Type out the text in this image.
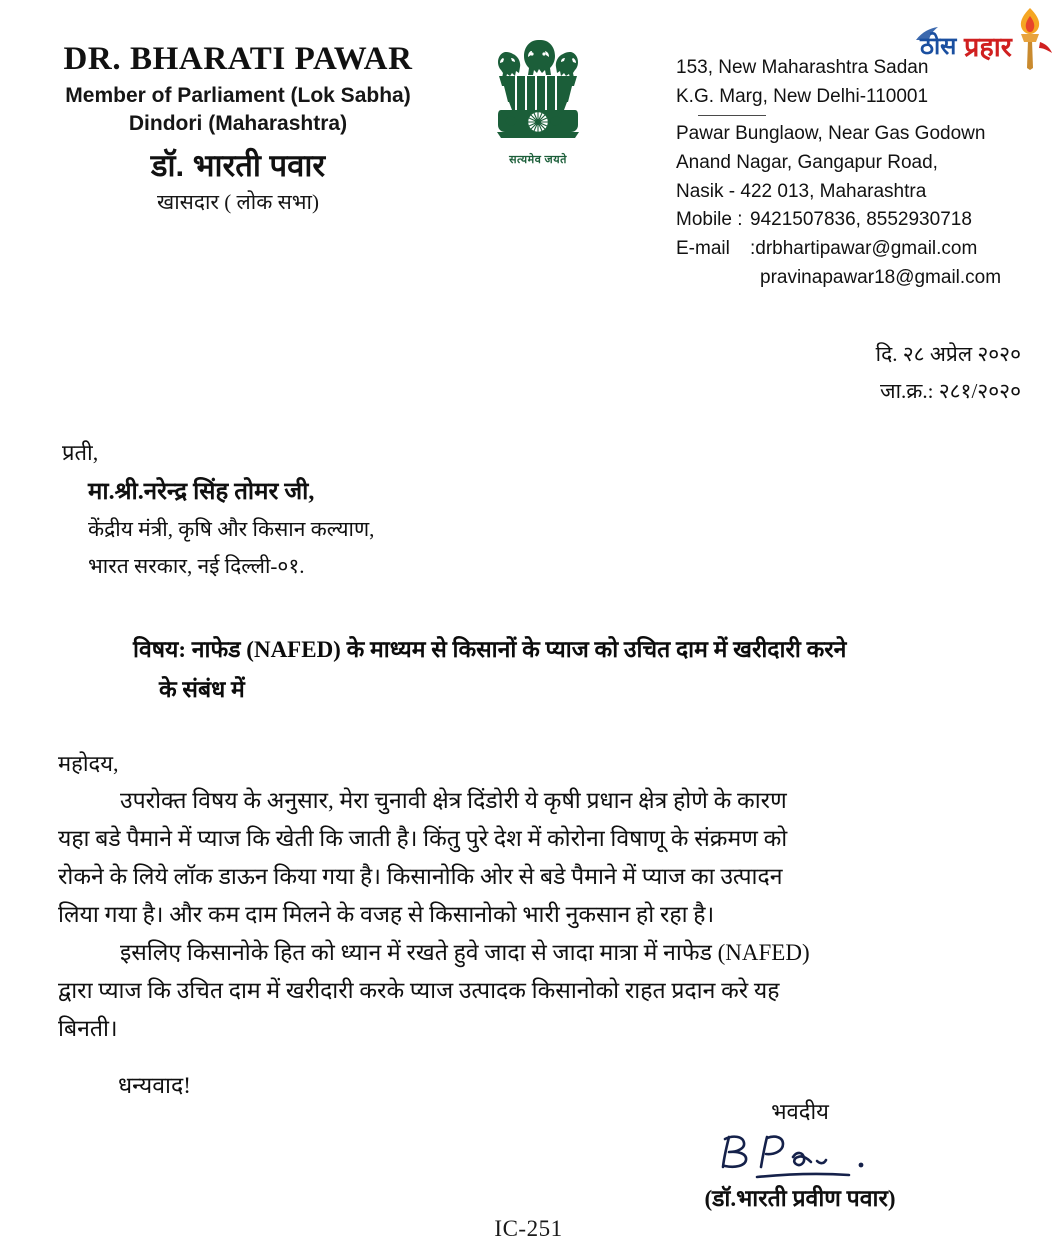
DR. BHARATI PAWAR
Member of Parliament (Lok Sabha)
Dindori (Maharashtra)
डॉ. भारती पवार
खासदार ( लोक सभा)
सत्यमेव जयते
ठोस प्रहार
153, New Maharashtra Sadan
K.G. Marg, New Delhi-110001
Pawar Bunglaow, Near Gas Godown
Anand Nagar, Gangapur Road,
Nasik - 422 013, Maharashtra
Mobile : 9421507836, 8552930718
E-mail	: drbhartipawar@gmail.com
pravinapawar18@gmail.com
दि. २८ अप्रेल २०२०
जा.क्र.: २८१/२०२०
प्रती,
मा.श्री.नरेन्द्र सिंह तोमर जी,
केंद्रीय मंत्री, कृषि और किसान कल्याण,
भारत सरकार, नई दिल्ली-०१.
विषय: नाफेड (NAFED) के माध्यम से किसानों के प्याज को उचित दाम में खरीदारी करने
के संबंध में
महोदय,
उपरोक्त विषय के अनुसार, मेरा चुनावी क्षेत्र दिंडोरी ये कृषी प्रधान क्षेत्र होणे के कारण
यहा बडे पैमाने में प्याज कि खेती कि जाती है। किंतु पुरे देश में कोरोना विषाणू के संक्रमण को
रोकने के लिये लॉक डाऊन किया गया है। किसानोकि ओर से बडे पैमाने में प्याज का उत्पादन
लिया गया है। और कम दाम मिलने के वजह से किसानोको भारी नुकसान हो रहा है।
इसलिए किसानोके हित को ध्यान में रखते हुवे जादा से जादा मात्रा में नाफेड (NAFED)
द्वारा प्याज कि उचित दाम में खरीदारी करके प्याज उत्पादक किसानोको राहत प्रदान करे यह
बिनती।
धन्यवाद!
भवदीय
(डॉ.भारती प्रवीण पवार)
IC-251
